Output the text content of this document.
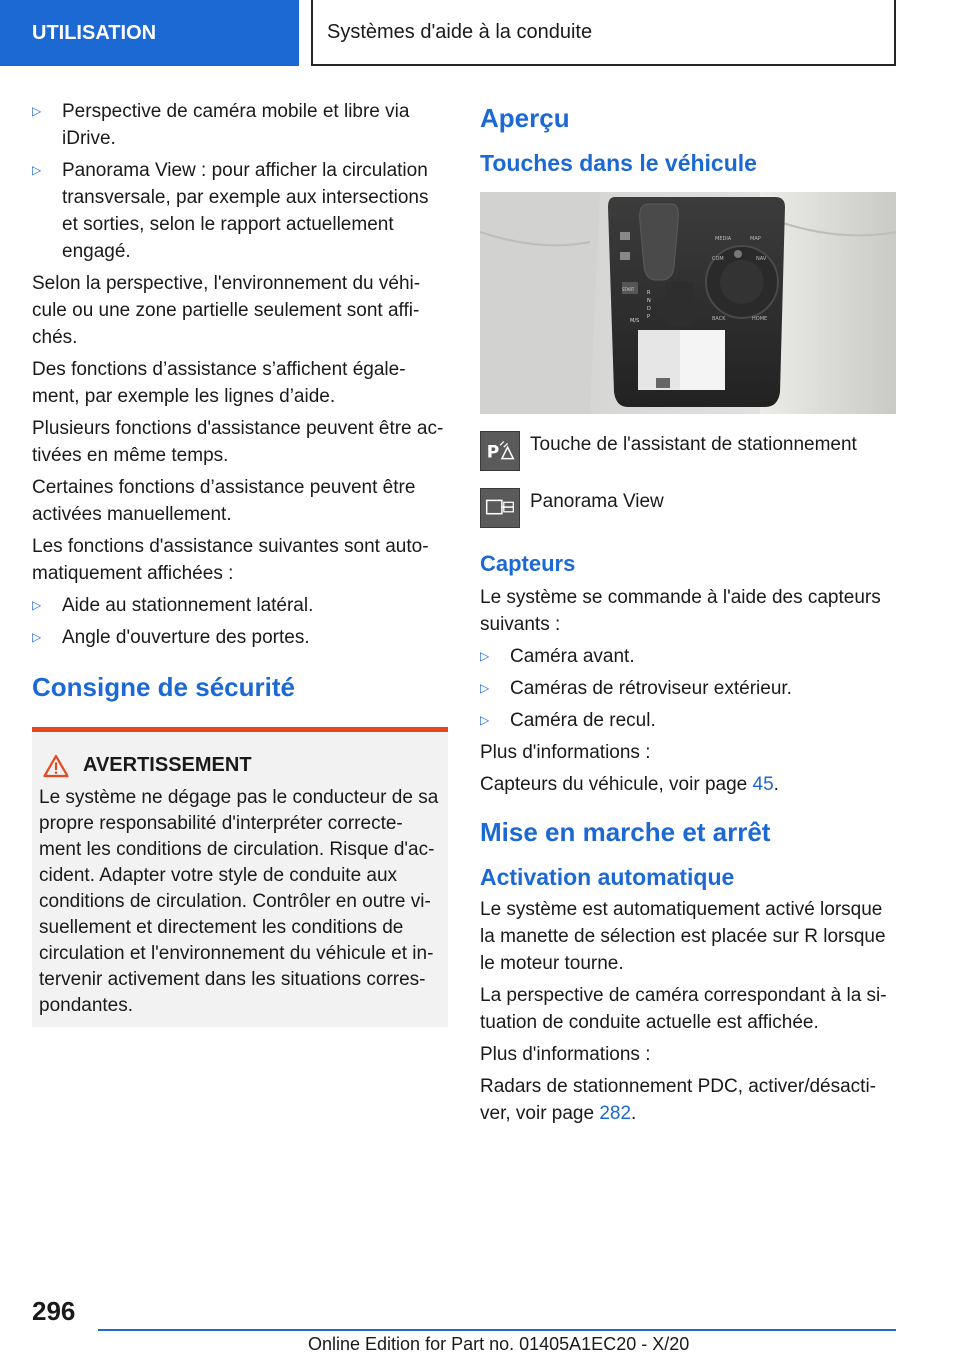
UTILISATION	Systèmes d'aide à la conduite
▷ Perspective de caméra mobile et libre via iDrive.
▷ Panorama View : pour afficher la circulation transversale, par exemple aux intersections et sorties, selon le rapport actuellement engagé.

Selon la perspective, l'environnement du véhi-cule ou une zone partielle seulement sont affi-chés.

Des fonctions d’assistance s’affichent égale-ment, par exemple les lignes d’aide.

Plusieurs fonctions d'assistance peuvent être ac-tivées en même temps.

Certaines fonctions d’assistance peuvent être activées manuellement.

Les fonctions d'assistance suivantes sont auto-matiquement affichées :

▷ Aide au stationnement latéral.
▷ Angle d'ouverture des portes.
Consigne de sécurité
AVERTISSEMENT
Le système ne dégage pas le conducteur de sa propre responsabilité d'interpréter correcte-ment les conditions de circulation. Risque d'ac-cident. Adapter votre style de conduite aux conditions de circulation. Contrôler en outre vi-suellement et directement les conditions de circulation et l'environnement du véhicule et in-tervenir activement dans les situations corres-pondantes.
Aperçu
Touches dans le véhicule
MEDIA	MAP
COM	NAV
BACK	HOME
START
M/S
R
N
D
P
P Touche de l'assistant de stationnement
Panorama View
Capteurs

Le système se commande à l'aide des capteurs suivants :

▷ Caméra avant.
▷ Caméras de rétroviseur extérieur.
▷ Caméra de recul.

Plus d'informations :

Capteurs du véhicule, voir page 45.

Mise en marche et arrêt
Activation automatique

Le système est automatiquement activé lorsque la manette de sélection est placée sur R lorsque le moteur tourne.

La perspective de caméra correspondant à la si-tuation de conduite actuelle est affichée.

Plus d'informations :

Radars de stationnement PDC, activer/désacti-ver, voir page 282.

296
Online Edition for Part no. 01405A1EC20 - X/20
